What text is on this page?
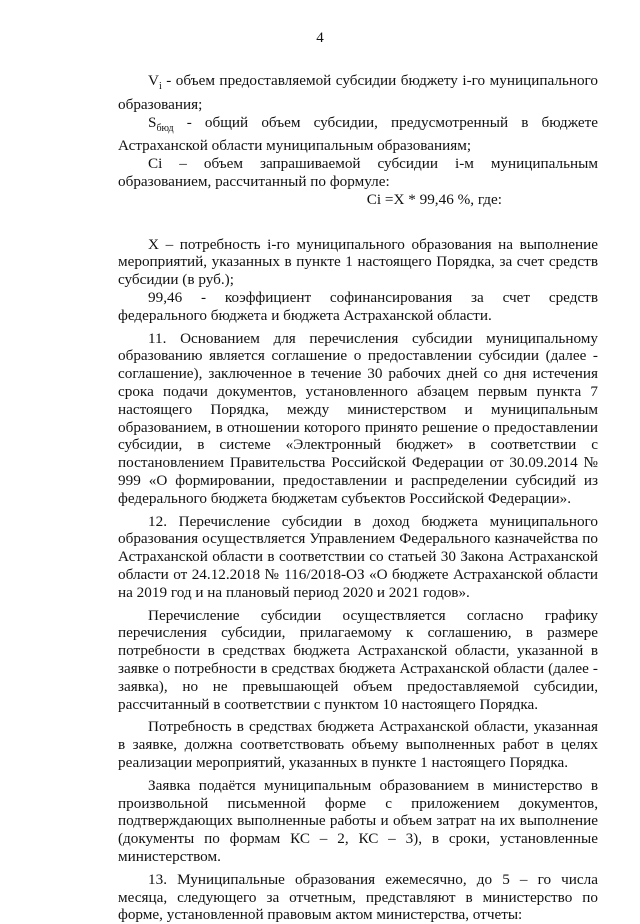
4

$V_i$ - объем предоставляемой субсидии бюджету i-го муниципального образования;

$S_{бюд}$ - общий объем субсидии, предусмотренный в бюджете Астраханской области муниципальным образованиям;

Ci – объем запрашиваемой субсидии i-м муниципальным образованием, рассчитанный по формуле:

Ci =X * 99,46 %, где:

X – потребность i-го муниципального образования на выполнение мероприятий, указанных в пункте 1 настоящего Порядка, за счет средств субсидии (в руб.);

99,46 - коэффициент софинансирования за счет средств федерального бюджета и бюджета Астраханской области.

11. Основанием для перечисления субсидии муниципальному образованию является соглашение о предоставлении субсидии (далее - соглашение), заключенное в течение 30 рабочих дней со дня истечения срока подачи документов, установленного абзацем первым пункта 7 настоящего Порядка, между министерством и муниципальным образованием, в отношении которого принято решение о предоставлении субсидии, в системе «Электронный бюджет» в соответствии с постановлением Правительства Российской Федерации от 30.09.2014 № 999 «О формировании, предоставлении и распределении субсидий из федерального бюджета бюджетам субъектов Российской Федерации».

12. Перечисление субсидии в доход бюджета муниципального образования осуществляется Управлением Федерального казначейства по Астраханской области в соответствии со статьей 30 Закона Астраханской области от 24.12.2018 № 116/2018-ОЗ «О бюджете Астраханской области на 2019 год и на плановый период 2020 и 2021 годов».

Перечисление субсидии осуществляется согласно графику перечисления субсидии, прилагаемому к соглашению, в размере потребности в средствах бюджета Астраханской области, указанной в заявке о потребности в средствах бюджета Астраханской области (далее - заявка), но не превышающей объем предоставляемой субсидии, рассчитанный в соответствии с пунктом 10 настоящего Порядка.

Потребность в средствах бюджета Астраханской области, указанная в заявке, должна соответствовать объему выполненных работ в целях реализации мероприятий, указанных в пункте 1 настоящего Порядка.

Заявка подаётся муниципальным образованием в министерство в произвольной письменной форме с приложением документов, подтверждающих выполненные работы и объем затрат на их выполнение (документы по формам КС – 2, КС – 3), в сроки, установленные министерством.

13. Муниципальные образования ежемесячно, до 5 – го числа месяца, следующего за отчетным, представляют в министерство по форме, установленной правовым актом министерства, отчеты:
